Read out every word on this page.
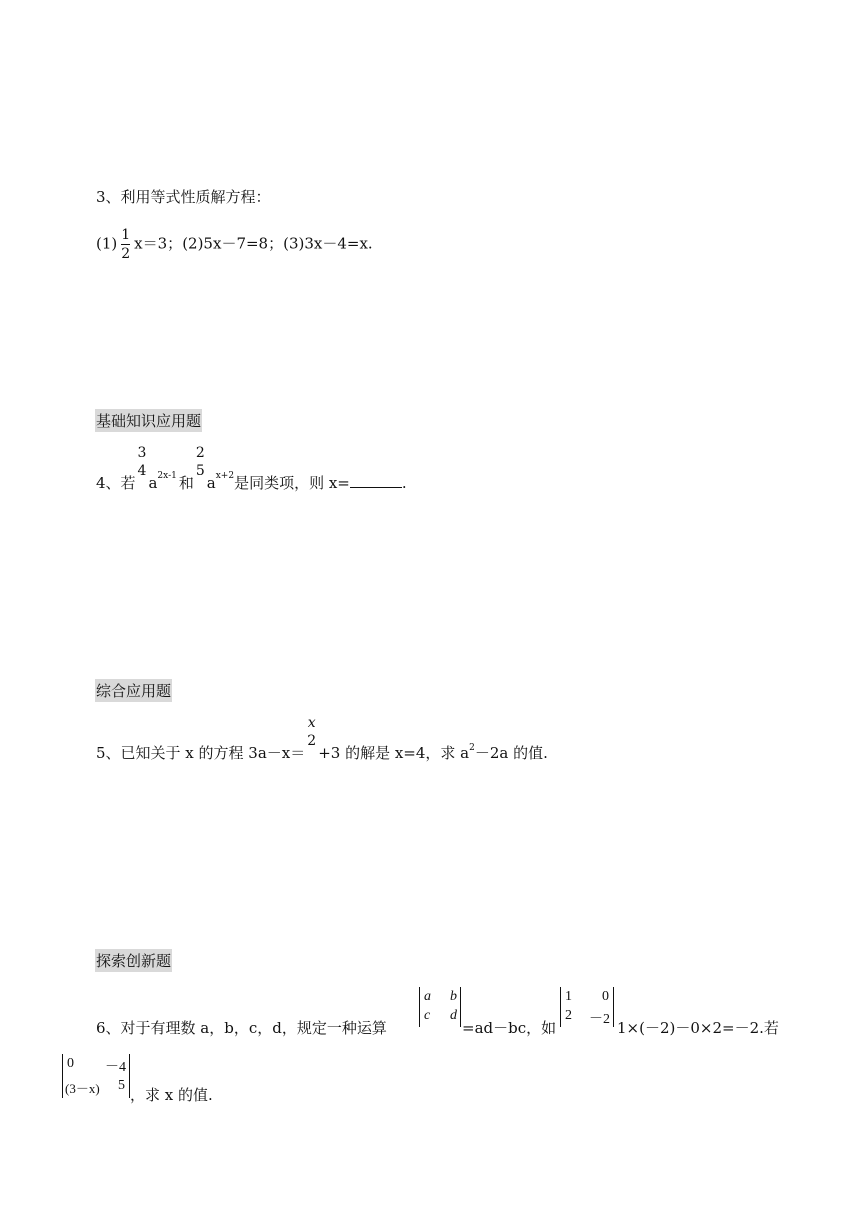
3、利用等式性质解方程：
$(1) \frac{1}{2} x=3$；(2)5x－7=8；(3)3x－4=x.
基础知识应用题
4、若
3
4
$a_{2x-1}$ 和
2
5
$a_{x+2}$是同类项，则 x=	.
综合应用题
5、已知关于 x 的方程 3a－x＝
x
2
+3 的解是 x=4，求 $a_2-2a$ 的值.
探索创新题
6、对于有理数 a，b，c，d，规定一种运算
a b
c d
=ad－bc，如
1 0
2 －2 1×(－2)－0×2=－2.若
0 －4
(3－x) 5
，求 x 的值.
